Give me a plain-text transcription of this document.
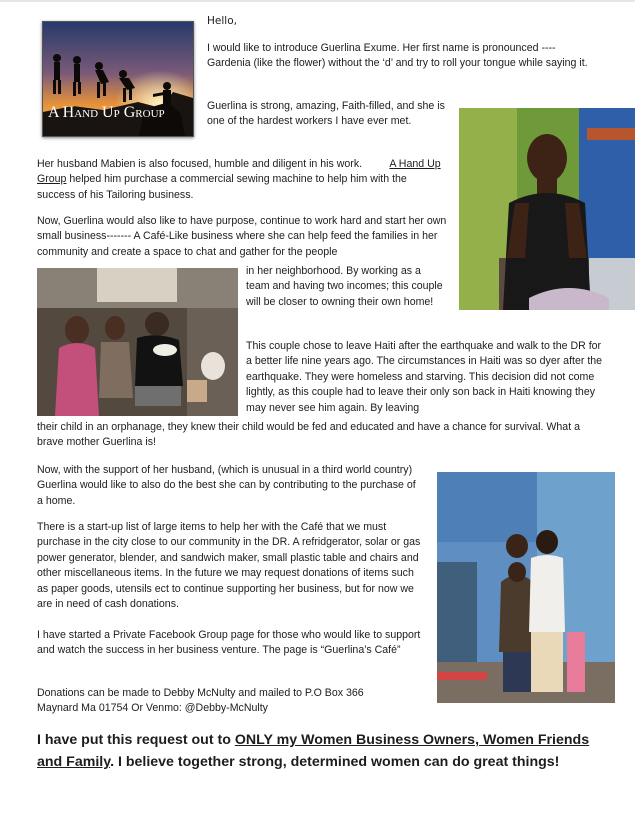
A Hand Up Group

Hello,

I would like to introduce Guerlina Exume. Her first name is pronounced ---- Gardenia (like the flower) without the ‘d’ and try to roll your tongue while saying it.

Guerlina is strong, amazing, Faith-filled, and she is one of the hardest workers I have ever met.

Her husband Mabien is also focused, humble and diligent in his work.	A Hand Up Group helped him purchase a commercial sewing machine to help him with the success of his Tailoring business.

Now, Guerlina would also like to have purpose, continue to work hard and start her own small business------- A Café-Like business where she can help feed the families in her community and create a space to chat and gather for the people

in her neighborhood. By working as a team and having two incomes; this couple will be closer to owning their own home!

This couple chose to leave Haiti after the earthquake and walk to the DR for a better life nine years ago. The circumstances in Haiti was so dyer after the earthquake. They were homeless and starving. This decision did not come lightly, as this couple had to leave their only son back in Haiti knowing they may never see him again. By leaving

their child in an orphanage, they knew their child would be fed and educated and have a chance for survival. What a brave mother Guerlina is!

Now, with the support of her husband, (which is unusual in a third world country) Guerlina would like to also do the best she can by contributing to the purchase of a home.

There is a start-up list of large items to help her with the Café that we must purchase in the city close to our community in the DR. A refridgerator, solar or gas power generator, blender, and sandwich maker, small plastic table and chairs and other miscellaneous items. In the future we may request donations of items such as paper goods, utensils ect to continue supporting her business, but for now we are in need of cash donations.

I have started a Private Facebook Group page for those who would like to support and watch the success in her business venture. The page is “Guerlina’s Café”

Donations can be made to Debby McNulty and mailed to P.O Box 366
Maynard Ma 01754 Or Venmo: @Debby-McNulty

I have put this request out to ONLY my Women Business Owners, Women Friends and Family. I believe together strong, determined women can do great things!
